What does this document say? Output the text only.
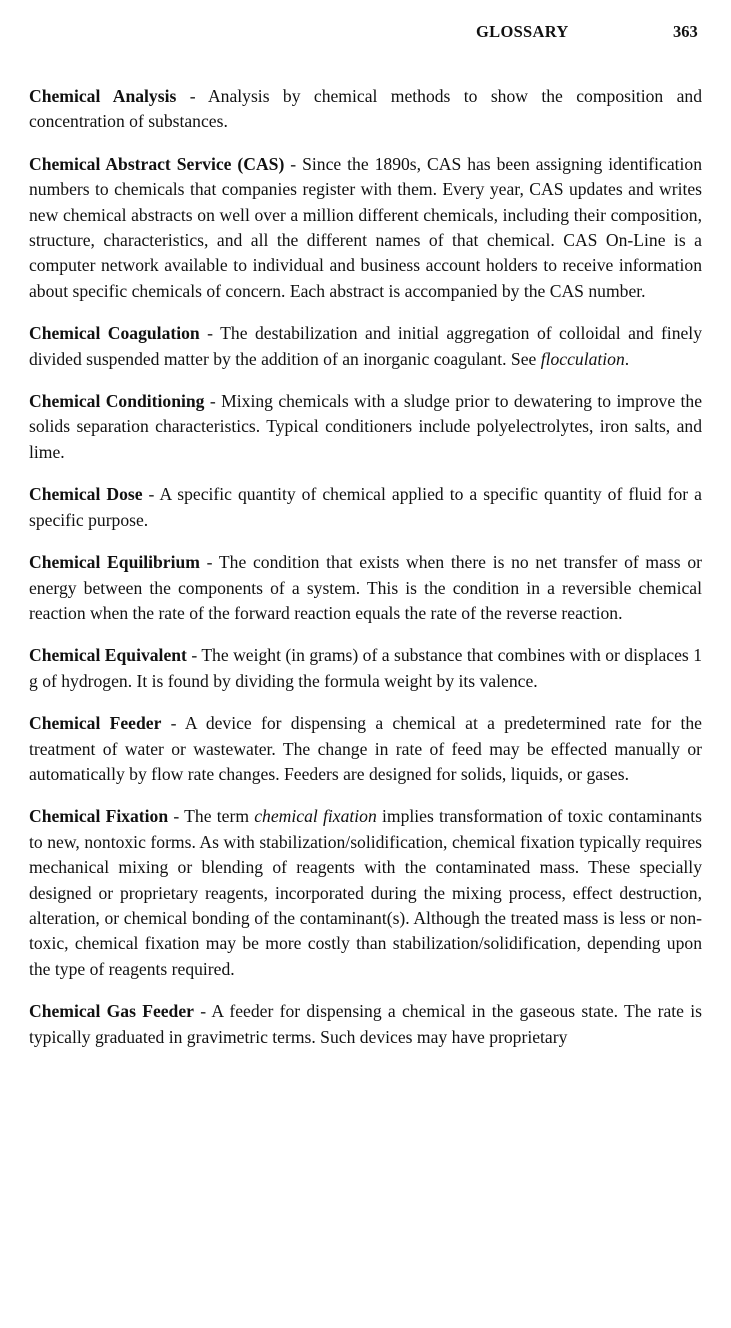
GLOSSARY	363

Chemical Analysis - Analysis by chemical methods to show the composition and concentration of substances.

Chemical Abstract Service (CAS) - Since the 1890s, CAS has been assigning identification numbers to chemicals that companies register with them. Every year, CAS updates and writes new chemical abstracts on well over a million different chemicals, including their composition, structure, characteristics, and all the different names of that chemical. CAS On-Line is a computer network available to individual and business account holders to receive information about specific chemicals of concern. Each abstract is accompanied by the CAS number.

Chemical Coagulation - The destabilization and initial aggregation of colloidal and finely divided suspended matter by the addition of an inorganic coagulant. See flocculation.

Chemical Conditioning - Mixing chemicals with a sludge prior to dewatering to improve the solids separation characteristics. Typical conditioners include polyelectrolytes, iron salts, and lime.

Chemical Dose - A specific quantity of chemical applied to a specific quantity of fluid for a specific purpose.

Chemical Equilibrium - The condition that exists when there is no net transfer of mass or energy between the components of a system. This is the condition in a reversible chemical reaction when the rate of the forward reaction equals the rate of the reverse reaction.

Chemical Equivalent - The weight (in grams) of a substance that combines with or displaces 1 g of hydrogen. It is found by dividing the formula weight by its valence.

Chemical Feeder - A device for dispensing a chemical at a predetermined rate for the treatment of water or wastewater. The change in rate of feed may be effected manually or automatically by flow rate changes. Feeders are designed for solids, liquids, or gases.

Chemical Fixation - The term chemical fixation implies transformation of toxic contaminants to new, nontoxic forms. As with stabilization/solidification, chemical fixation typically requires mechanical mixing or blending of reagents with the contaminated mass. These specially designed or proprietary reagents, incorporated during the mixing process, effect destruction, alteration, or chemical bonding of the contaminant(s). Although the treated mass is less or non-toxic, chemical fixation may be more costly than stabilization/solidification, depending upon the type of reagents required.

Chemical Gas Feeder - A feeder for dispensing a chemical in the gaseous state. The rate is typically graduated in gravimetric terms. Such devices may have proprietary
